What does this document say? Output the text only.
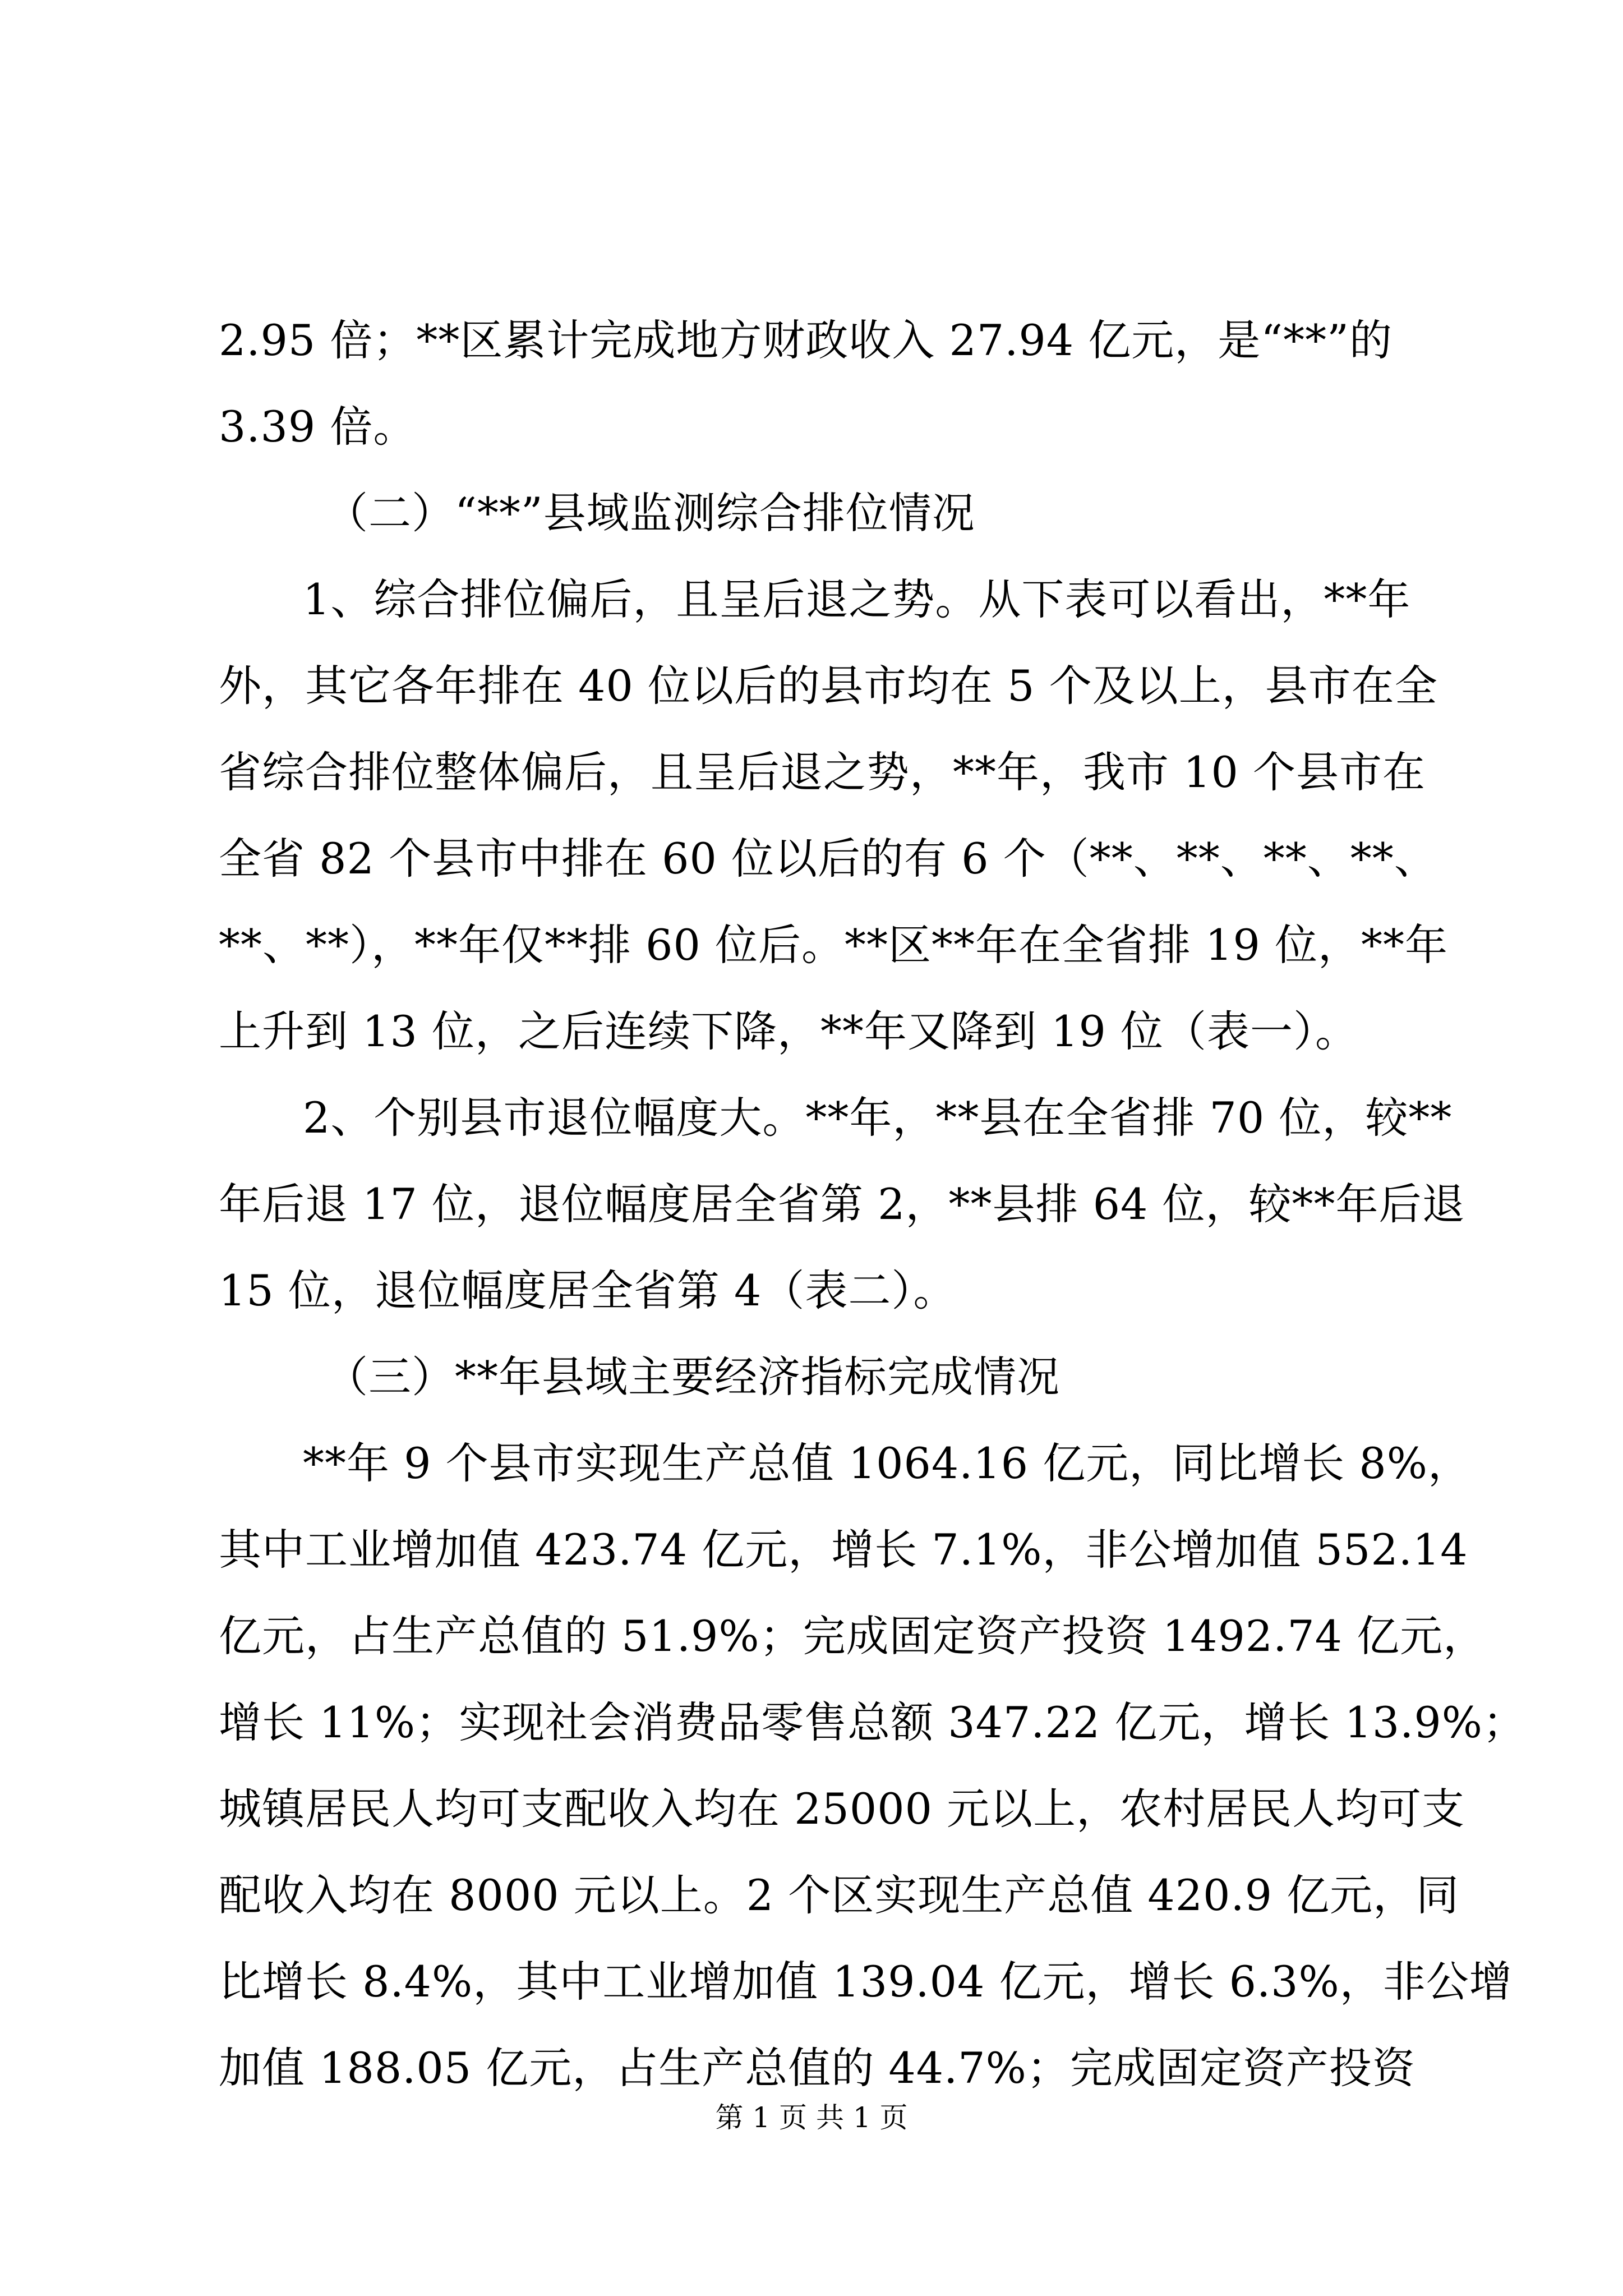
2.95 倍；**区累计完成地方财政收入 27.94 亿元，是“**”的
3.39 倍。
（二）“**”县域监测综合排位情况
1、综合排位偏后，且呈后退之势。从下表可以看出，**年
外，其它各年排在 40 位以后的县市均在 5 个及以上，县市在全
省综合排位整体偏后，且呈后退之势，**年，我市 10 个县市在
全省 82 个县市中排在 60 位以后的有 6 个（**、**、**、**、
**、**），**年仅**排 60 位后。**区**年在全省排 19 位，**年
上升到 13 位，之后连续下降，**年又降到 19 位（表一）。
2、个别县市退位幅度大。**年，**县在全省排 70 位，较**
年后退 17 位，退位幅度居全省第 2，**县排 64 位，较**年后退
15 位，退位幅度居全省第 4（表二）。
（三）**年县域主要经济指标完成情况
**年 9 个县市实现生产总值 1064.16 亿元，同比增长 8%，
其中工业增加值 423.74 亿元，增长 7.1%，非公增加值 552.14
亿元，占生产总值的 51.9%；完成固定资产投资 1492.74 亿元，
增长 11%；实现社会消费品零售总额 347.22 亿元，增长 13.9%；
城镇居民人均可支配收入均在 25000 元以上，农村居民人均可支
配收入均在 8000 元以上。2 个区实现生产总值 420.9 亿元，同
比增长 8.4%，其中工业增加值 139.04 亿元，增长 6.3%，非公增
加值 188.05 亿元，占生产总值的 44.7%；完成固定资产投资
第 1 页 共 1 页
